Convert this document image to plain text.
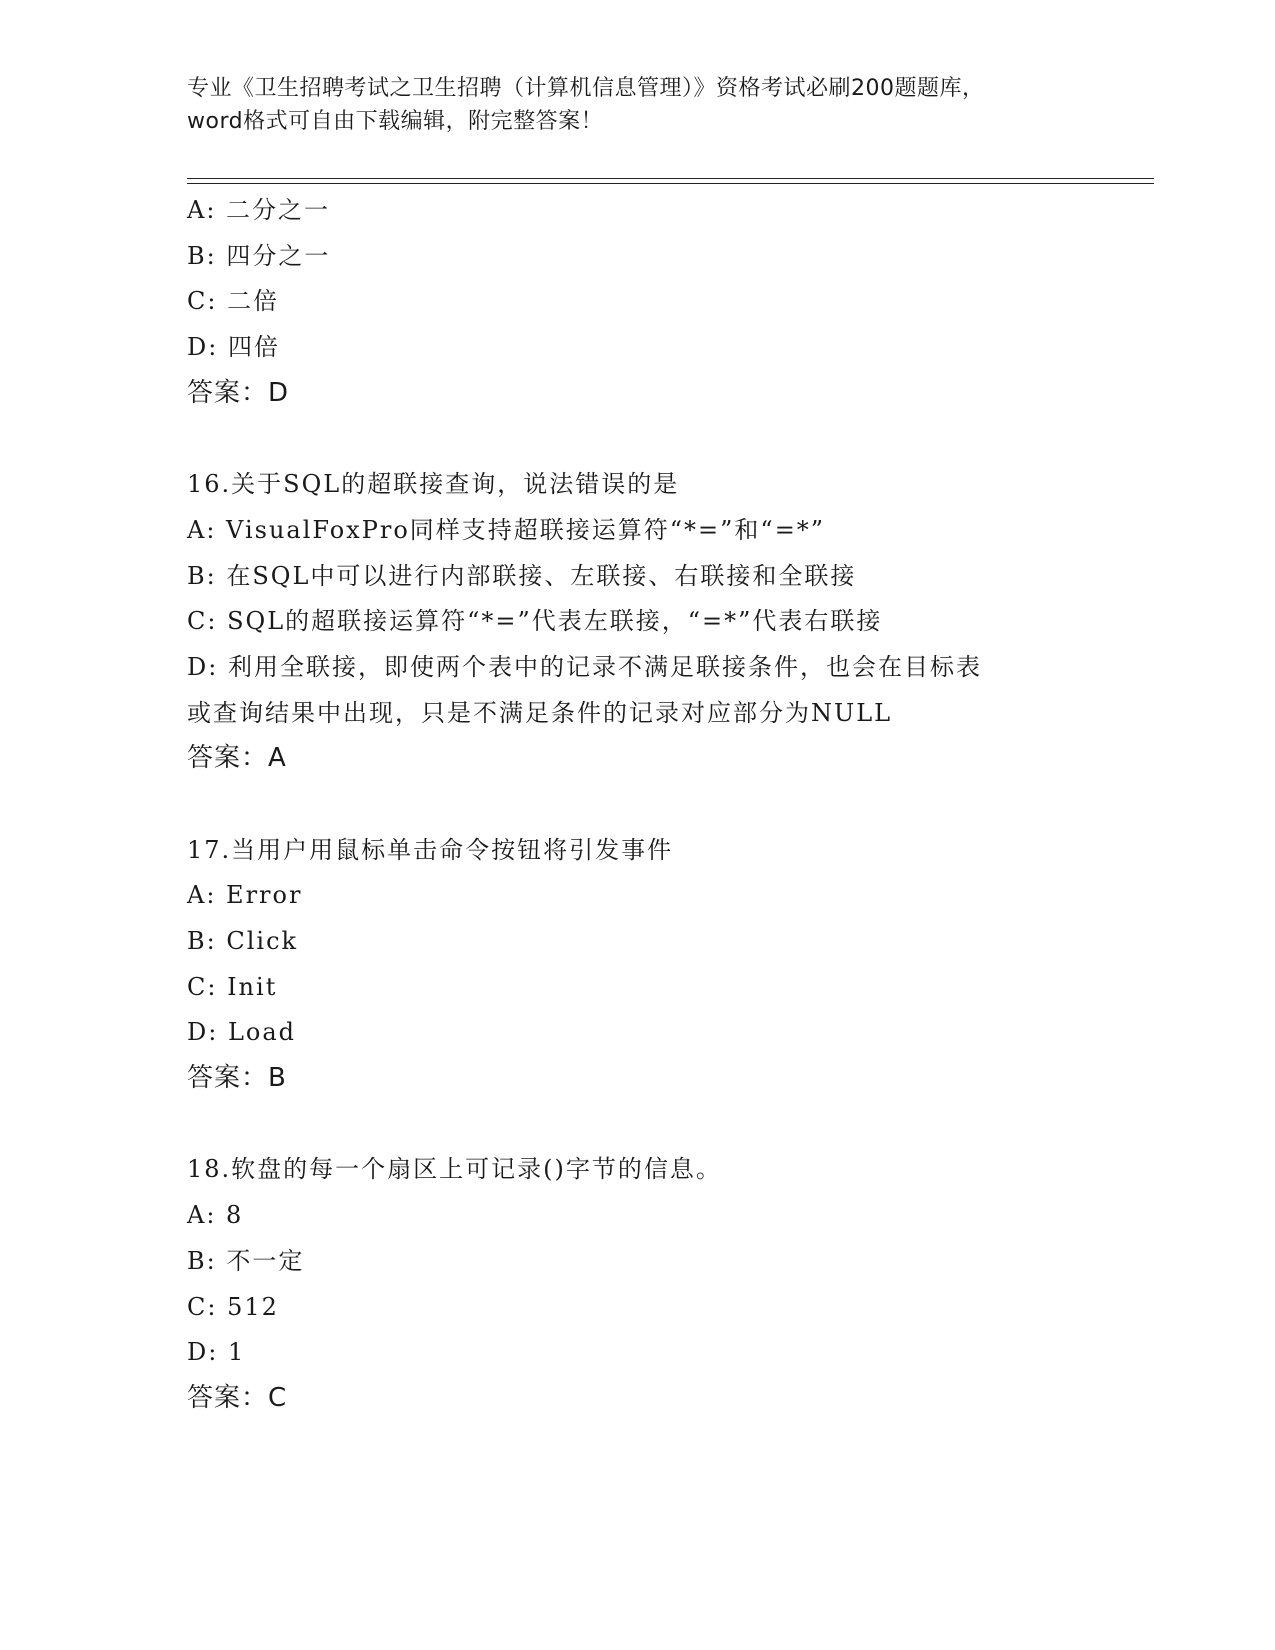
专业《卫生招聘考试之卫生招聘（计算机信息管理）》资格考试必刷200题题库，
word格式可自由下载编辑，附完整答案！
A: 二分之一
B: 四分之一
C: 二倍
D: 四倍
答案：D
16.关于SQL的超联接查询，说法错误的是
A: VisualFoxPro同样支持超联接运算符“*=”和“=*”
B: 在SQL中可以进行内部联接、左联接、右联接和全联接
C: SQL的超联接运算符“*=”代表左联接，“=*”代表右联接
D: 利用全联接，即使两个表中的记录不满足联接条件，也会在目标表
或查询结果中出现，只是不满足条件的记录对应部分为NULL
答案：A
17.当用户用鼠标单击命令按钮将引发事件
A: Error
B: Click
C: Init
D: Load
答案：B
18.软盘的每一个扇区上可记录()字节的信息。
A: 8
B: 不一定
C: 512
D: 1
答案：C
